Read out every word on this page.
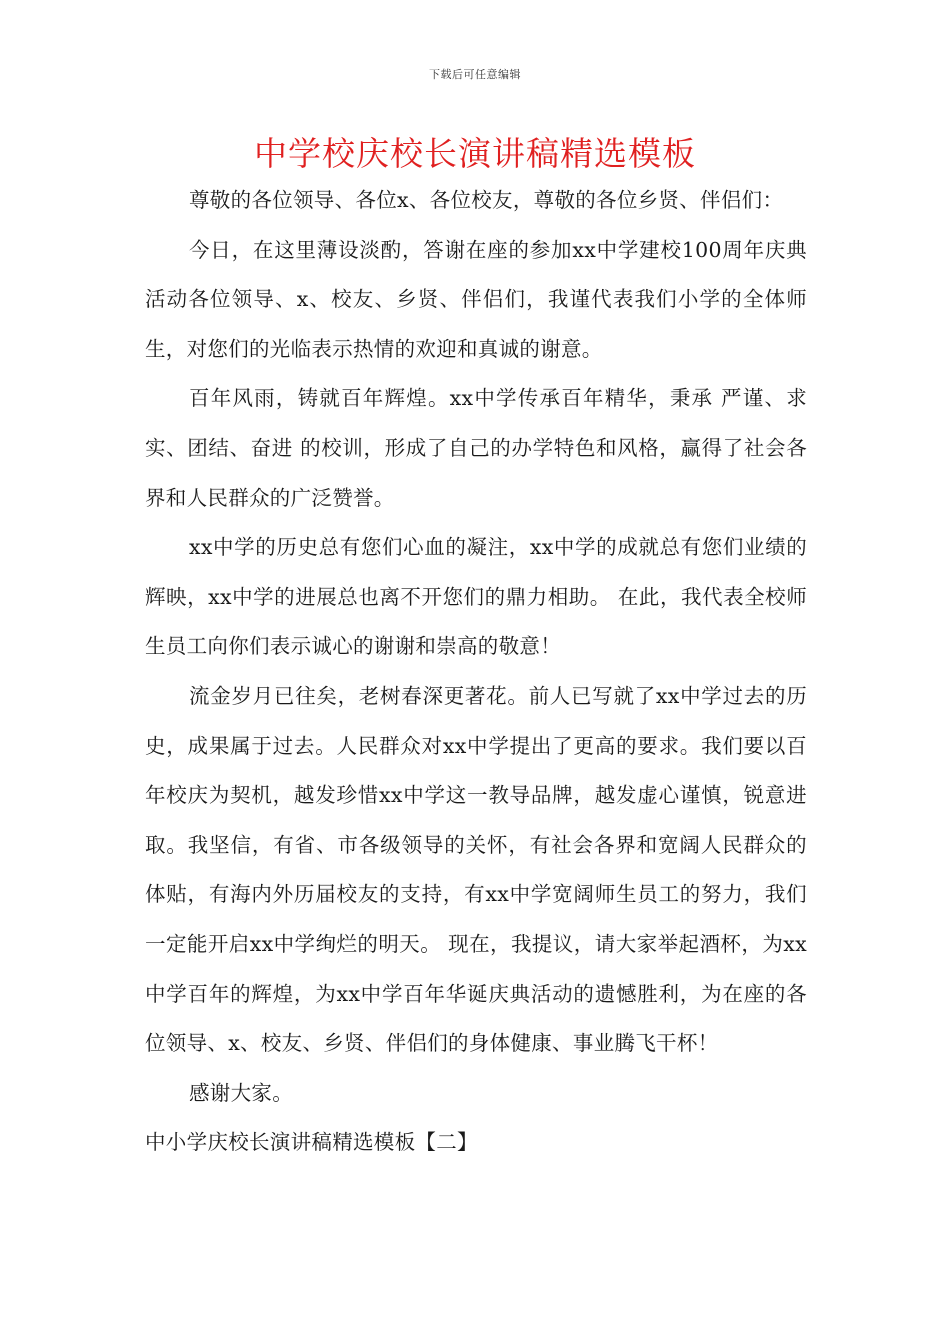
下载后可任意编辑
中学校庆校长演讲稿精选模板

尊敬的各位领导、各位x、各位校友，尊敬的各位乡贤、伴侣们：

今日，在这里薄设淡酌，答谢在座的参加xx中学建校100周年庆典活动各位领导、x、校友、乡贤、伴侣们，我谨代表我们小学的全体师生，对您们的光临表示热情的欢迎和真诚的谢意。

百年风雨，铸就百年辉煌。xx中学传承百年精华，秉承 严谨、求实、团结、奋进 的校训，形成了自己的办学特色和风格，赢得了社会各界和人民群众的广泛赞誉。

xx中学的历史总有您们心血的凝注，xx中学的成就总有您们业绩的辉映，xx中学的进展总也离不开您们的鼎力相助。 在此，我代表全校师生员工向你们表示诚心的谢谢和崇高的敬意！

流金岁月已往矣，老树春深更著花。前人已写就了xx中学过去的历史，成果属于过去。人民群众对xx中学提出了更高的要求。我们要以百年校庆为契机，越发珍惜xx中学这一教导品牌，越发虚心谨慎，锐意进取。我坚信，有省、市各级领导的关怀，有社会各界和宽阔人民群众的体贴，有海内外历届校友的支持，有xx中学宽阔师生员工的努力，我们一定能开启xx中学绚烂的明天。 现在，我提议，请大家举起酒杯，为xx中学百年的辉煌，为xx中学百年华诞庆典活动的遗憾胜利，为在座的各位领导、x、校友、乡贤、伴侣们的身体健康、事业腾飞干杯！

感谢大家。

中小学庆校长演讲稿精选模板【二】
